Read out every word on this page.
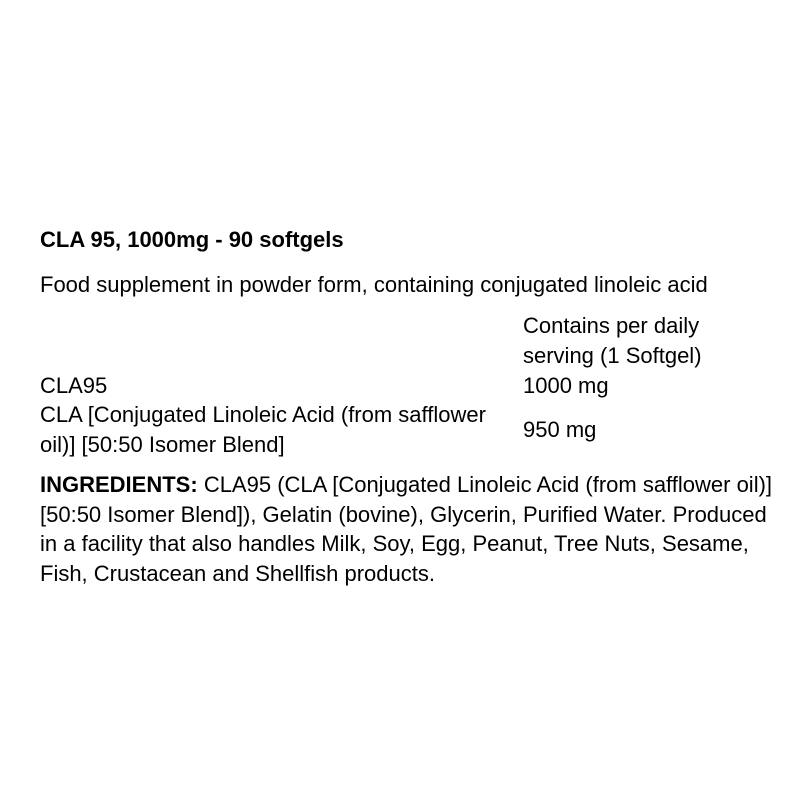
CLA 95, 1000mg - 90 softgels

Food supplement in powder form, containing conjugated linoleic acid

Contains per daily serving (1 Softgel)
CLA95	1000 mg
CLA [Conjugated Linoleic Acid (from safflower oil)] [50:50 Isomer Blend]
950 mg

INGREDIENTS: CLA95 (CLA [Conjugated Linoleic Acid (from safflower oil)] [50:50 Isomer Blend]), Gelatin (bovine), Glycerin, Purified Water. Produced in a facility that also handles Milk, Soy, Egg, Peanut, Tree Nuts, Sesame, Fish, Crustacean and Shellfish products.
